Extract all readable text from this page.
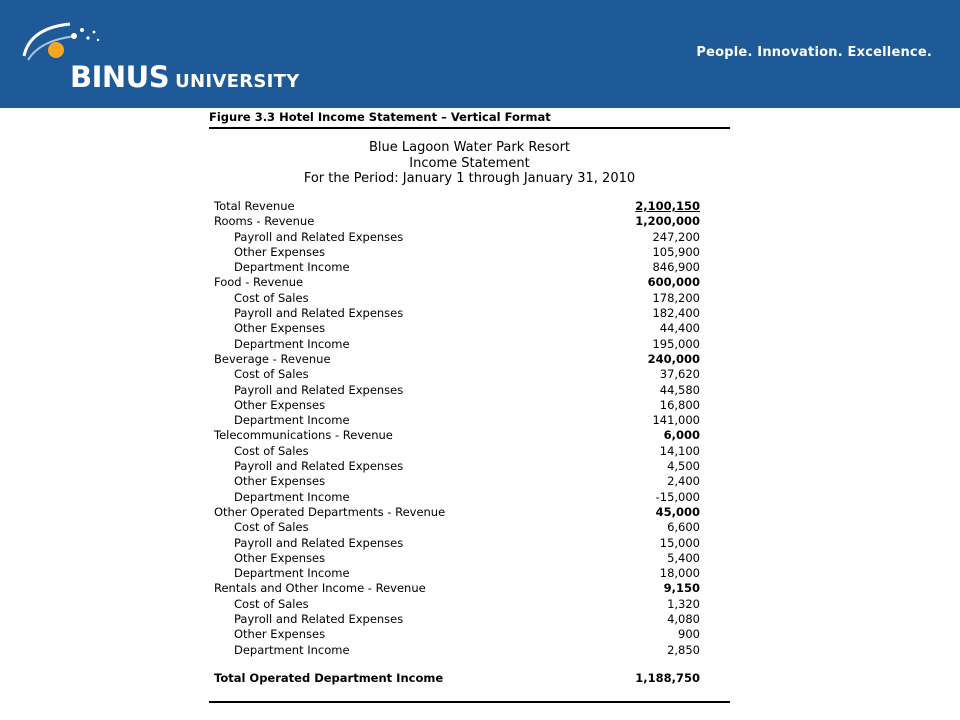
BINUS UNIVERSITY
People. Innovation. Excellence.
Figure 3.3 Hotel Income Statement – Vertical Format
Blue Lagoon Water Park Resort
Income Statement
For the Period: January 1 through January 31, 2010
Total Revenue	2,100,150
Rooms - Revenue	1,200,000
Payroll and Related Expenses	247,200
Other Expenses	105,900
Department Income	846,900
Food - Revenue	600,000
Cost of Sales	178,200
Payroll and Related Expenses	182,400
Other Expenses	44,400
Department Income	195,000
Beverage - Revenue	240,000
Cost of Sales	37,620
Payroll and Related Expenses	44,580
Other Expenses	16,800
Department Income	141,000
Telecommunications - Revenue	6,000
Cost of Sales	14,100
Payroll and Related Expenses	4,500
Other Expenses	2,400
Department Income	-15,000
Other Operated Departments - Revenue	45,000
Cost of Sales	6,600
Payroll and Related Expenses	15,000
Other Expenses	5,400
Department Income	18,000
Rentals and Other Income - Revenue	9,150
Cost of Sales	1,320
Payroll and Related Expenses	4,080
Other Expenses	900
Department Income	2,850
Total Operated Department Income	1,188,750
